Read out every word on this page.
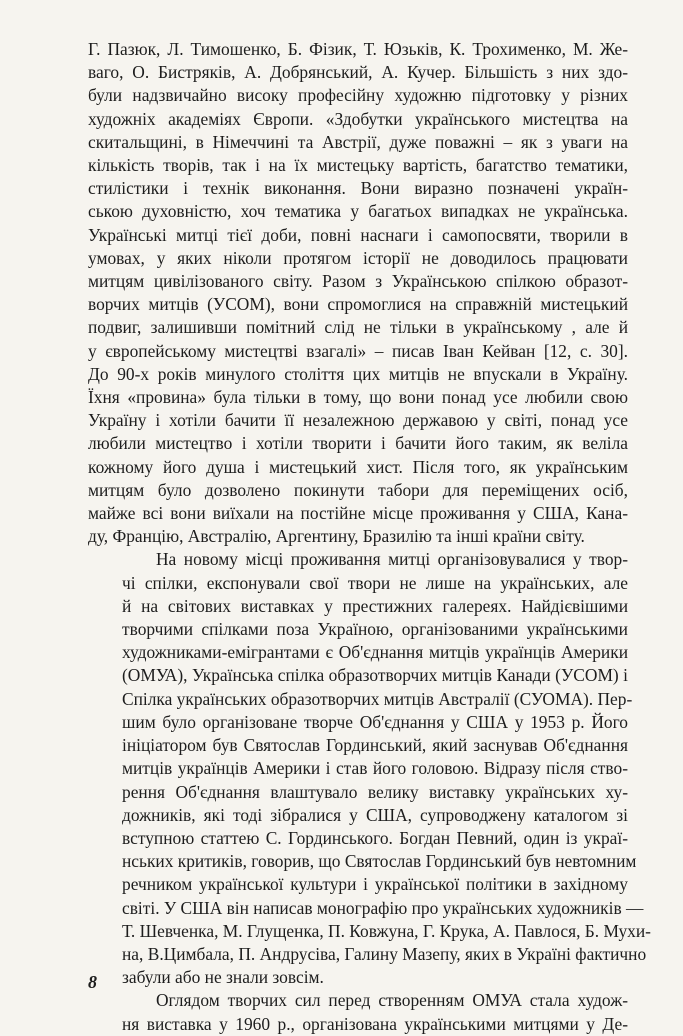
Г. Пазюк, Л. Тимошенко, Б. Фізик, Т. Юзьків, К. Трохименко, М. Же-
ваго, О. Бистряків, А. Добрянський, А. Кучер. Більшість з них здо-
були надзвичайно високу професійну художню підготовку у різних
художніх академіях Європи. «Здобутки українського мистецтва на
скитальщині, в Німеччині та Австрії, дуже поважні – як з уваги на
кількість творів, так і на їх мистецьку вартість, багатство тематики,
стилістики і технік виконання. Вони виразно позначені україн-
ською духовністю, хоч тематика у багатьох випадках не українська.
Українські митці тієї доби, повні наснаги і самопосвяти, творили в
умовах, у яких ніколи протягом історії не доводилось працювати
митцям цивілізованого світу. Разом з Українською спілкою образот-
ворчих митців (УСОМ), вони спромоглися на справжній мистецький
подвиг, залишивши помітний слід не тільки в українському , але й
у європейському мистецтві взагалі» – писав Іван Кейван [12, с. 30].
До 90-х років минулого століття цих митців не впускали в Україну.
Їхня «провина» була тільки в тому, що вони понад усе любили свою
Україну і хотіли бачити її незалежною державою у світі, понад усе
любили мистецтво і хотіли творити і бачити його таким, як веліла
кожному його душа і мистецький хист. Після того, як українським
митцям було дозволено покинути табори для переміщених осіб,
майже всі вони виїхали на постійне місце проживання у США, Кана-
ду, Францію, Австралію, Аргентину, Бразилію та інші країни світу.

На новому місці проживання митці організовувалися у твор-
чі спілки, експонували свої твори не лише на українських, але
й на світових виставках у престижних галереях. Найдієвішими
творчими спілками поза Україною, організованими українськими
художниками-емігрантами є Об'єднання митців українців Америки
(ОМУА), Українська спілка образотворчих митців Канади (УСОМ) і
Спілка українських образотворчих митців Австралії (СУОМА). Пер-
шим було організоване творче Об'єднання у США у 1953 р. Його
ініціатором був Святослав Гординський, який заснував Об'єднання
митців українців Америки і став його головою. Відразу після ство-
рення Об'єднання влаштувало велику виставку українських ху-
дожників, які тоді зібралися у США, супроводжену каталогом зі
вступною статтею С. Гординського. Богдан Певний, один із украї-
нських критиків, говорив, що Святослав Гординський був невтомним
речником української культури і української політики в західному
світі. У США він написав монографію про українських художників —
Т. Шевченка, М. Глущенка, П. Ковжуна, Г. Крука, А. Павлося, Б. Мухи-
на, В.Цимбала, П. Андрусіва, Галину Мазепу, яких в Україні фактично
забули або не знали зовсім.

Оглядом творчих сил перед створенням ОМУА стала худож-
ня виставка у 1960 р., організована українськими митцями у Де-

8
